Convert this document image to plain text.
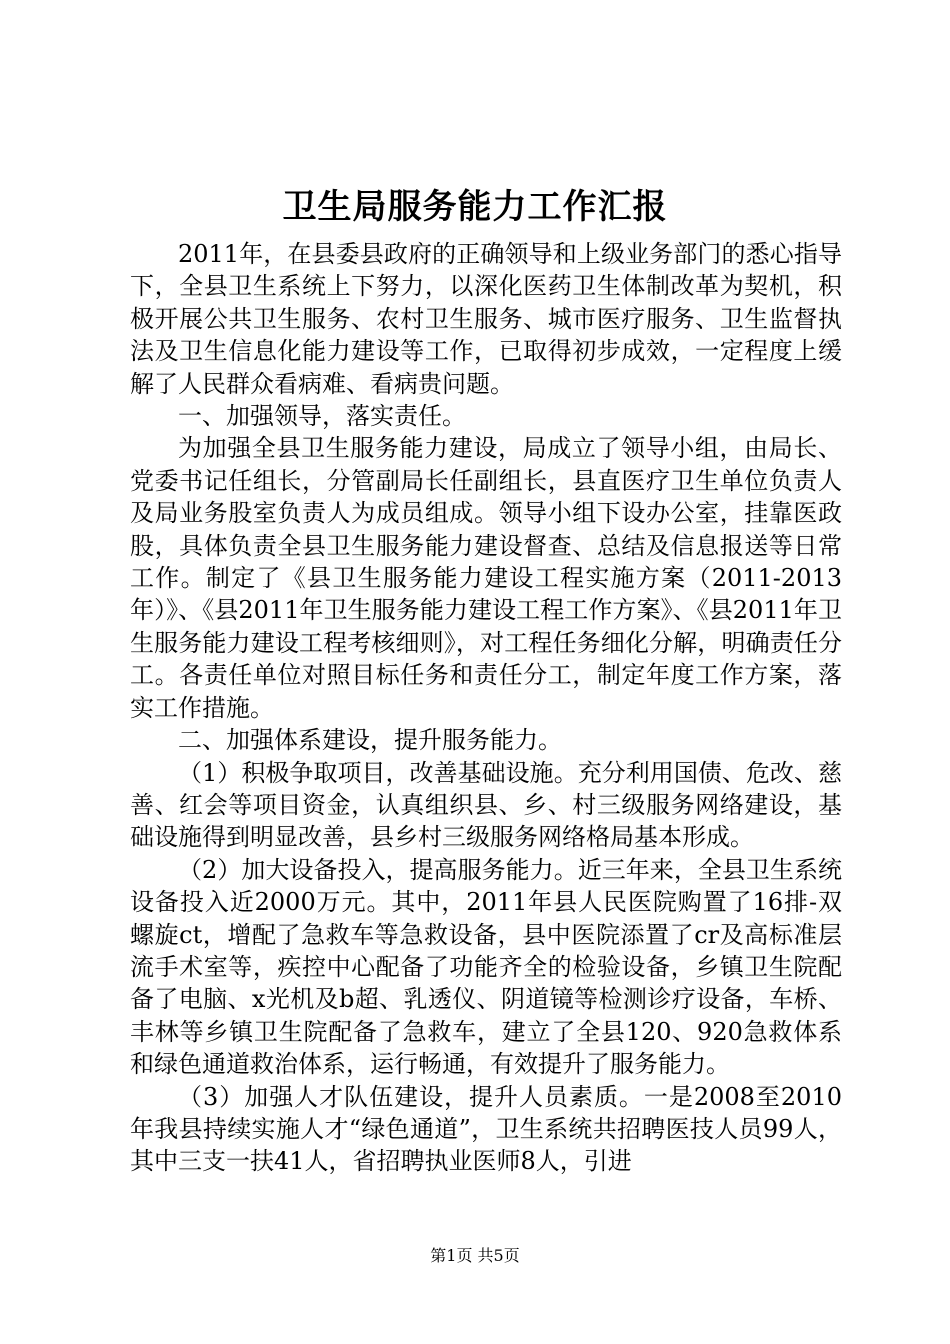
卫生局服务能力工作汇报

2011年，在县委县政府的正确领导和上级业务部门的悉心指导下，全县卫生系统上下努力，以深化医药卫生体制改革为契机，积极开展公共卫生服务、农村卫生服务、城市医疗服务、卫生监督执法及卫生信息化能力建设等工作，已取得初步成效，一定程度上缓解了人民群众看病难、看病贵问题。

一、加强领导，落实责任。

为加强全县卫生服务能力建设，局成立了领导小组，由局长、党委书记任组长，分管副局长任副组长，县直医疗卫生单位负责人及局业务股室负责人为成员组成。领导小组下设办公室，挂靠医政股，具体负责全县卫生服务能力建设督查、总结及信息报送等日常工作。制定了《县卫生服务能力建设工程实施方案（2011-2013年）》、《县2011年卫生服务能力建设工程工作方案》、《县2011年卫生服务能力建设工程考核细则》，对工程任务细化分解，明确责任分工。各责任单位对照目标任务和责任分工，制定年度工作方案，落实工作措施。

二、加强体系建设，提升服务能力。

（1）积极争取项目，改善基础设施。充分利用国债、危改、慈善、红会等项目资金，认真组织县、乡、村三级服务网络建设，基础设施得到明显改善，县乡村三级服务网络格局基本形成。

（2）加大设备投入，提高服务能力。近三年来，全县卫生系统设备投入近2000万元。其中，2011年县人民医院购置了16排-双螺旋ct，增配了急救车等急救设备，县中医院添置了cr及高标准层流手术室等，疾控中心配备了功能齐全的检验设备，乡镇卫生院配备了电脑、x光机及b超、乳透仪、阴道镜等检测诊疗设备，车桥、丰林等乡镇卫生院配备了急救车，建立了全县120、920急救体系和绿色通道救治体系，运行畅通，有效提升了服务能力。

（3）加强人才队伍建设，提升人员素质。一是2008至2010年我县持续实施人才“绿色通道”，卫生系统共招聘医技人员99人，其中三支一扶41人，省招聘执业医师8人，引进

第1页 共5页
